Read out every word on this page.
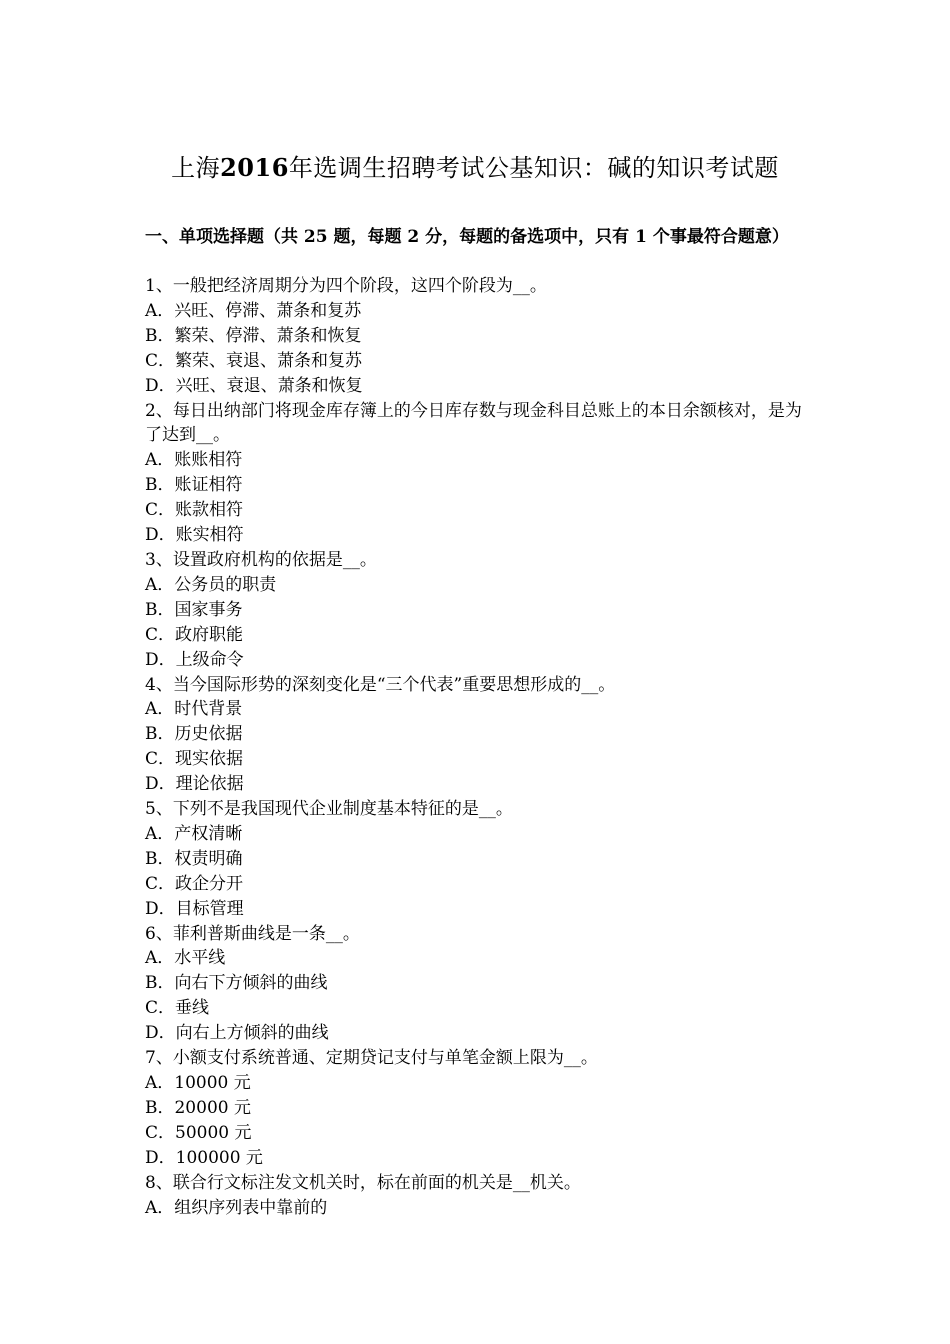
上海2016年选调生招聘考试公基知识：碱的知识考试题
一、单项选择题（共 25 题，每题 2 分，每题的备选项中，只有 1 个事最符合题意）
1、一般把经济周期分为四个阶段，这四个阶段为__。
A．兴旺、停滞、萧条和复苏
B．繁荣、停滞、萧条和恢复
C．繁荣、衰退、萧条和复苏
D．兴旺、衰退、萧条和恢复
2、每日出纳部门将现金库存簿上的今日库存数与现金科目总账上的本日余额核对，是为了达到__。
A．账账相符
B．账证相符
C．账款相符
D．账实相符
3、设置政府机构的依据是__。
A．公务员的职责
B．国家事务
C．政府职能
D．上级命令
4、当今国际形势的深刻变化是“三个代表”重要思想形成的__。
A．时代背景
B．历史依据
C．现实依据
D．理论依据
5、下列不是我国现代企业制度基本特征的是__。
A．产权清晰
B．权责明确
C．政企分开
D．目标管理
6、菲利普斯曲线是一条__。
A．水平线
B．向右下方倾斜的曲线
C．垂线
D．向右上方倾斜的曲线
7、小额支付系统普通、定期贷记支付与单笔金额上限为__。
A．10000 元
B．20000 元
C．50000 元
D．100000 元
8、联合行文标注发文机关时，标在前面的机关是__机关。
A．组织序列表中靠前的
